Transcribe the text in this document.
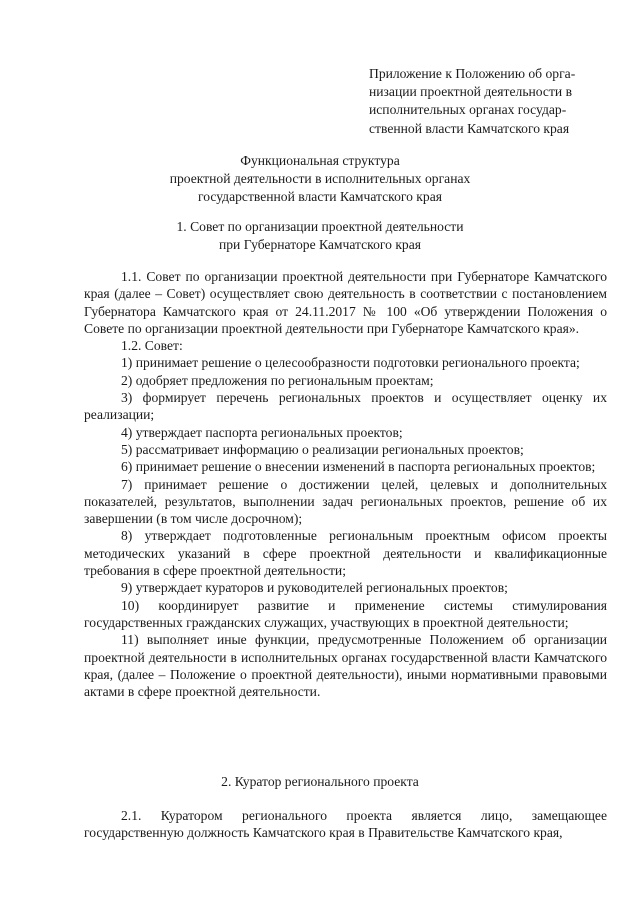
Приложение к Положению об орга-
низации проектной деятельности в
исполнительных органах государ-
ственной власти Камчатского края
Функциональная структура
проектной деятельности в исполнительных органах
государственной власти Камчатского края
1. Совет по организации проектной деятельности
при Губернаторе Камчатского края

1.1. Совет по организации проектной деятельности при Губернаторе Камчатского края (далее – Совет) осуществляет свою деятельность в соответствии с постановлением Губернатора Камчатского края от 24.11.2017 № 100 «Об утверждении Положения о Совете по организации проектной деятельности при Губернаторе Камчатского края».

1.2. Совет:

1) принимает решение о целесообразности подготовки регионального проекта;

2) одобряет предложения по региональным проектам;

3) формирует перечень региональных проектов и осуществляет оценку их реализации;

4) утверждает паспорта региональных проектов;

5) рассматривает информацию о реализации региональных проектов;

6) принимает решение о внесении изменений в паспорта региональных проектов;

7) принимает решение о достижении целей, целевых и дополнительных показателей, результатов, выполнении задач региональных проектов, решение об их завершении (в том числе досрочном);

8) утверждает подготовленные региональным проектным офисом проекты методических указаний в сфере проектной деятельности и квалификационные требования в сфере проектной деятельности;

9) утверждает кураторов и руководителей региональных проектов;

10) координирует развитие и применение системы стимулирования государственных гражданских служащих, участвующих в проектной деятельности;

11) выполняет иные функции, предусмотренные Положением об организации проектной деятельности в исполнительных органах государственной власти Камчатского края, (далее – Положение о проектной деятельности), иными нормативными правовыми актами в сфере проектной деятельности.

2. Куратор регионального проекта

2.1. Куратором регионального проекта является лицо, замещающее государственную должность Камчатского края в Правительстве Камчатского края,
